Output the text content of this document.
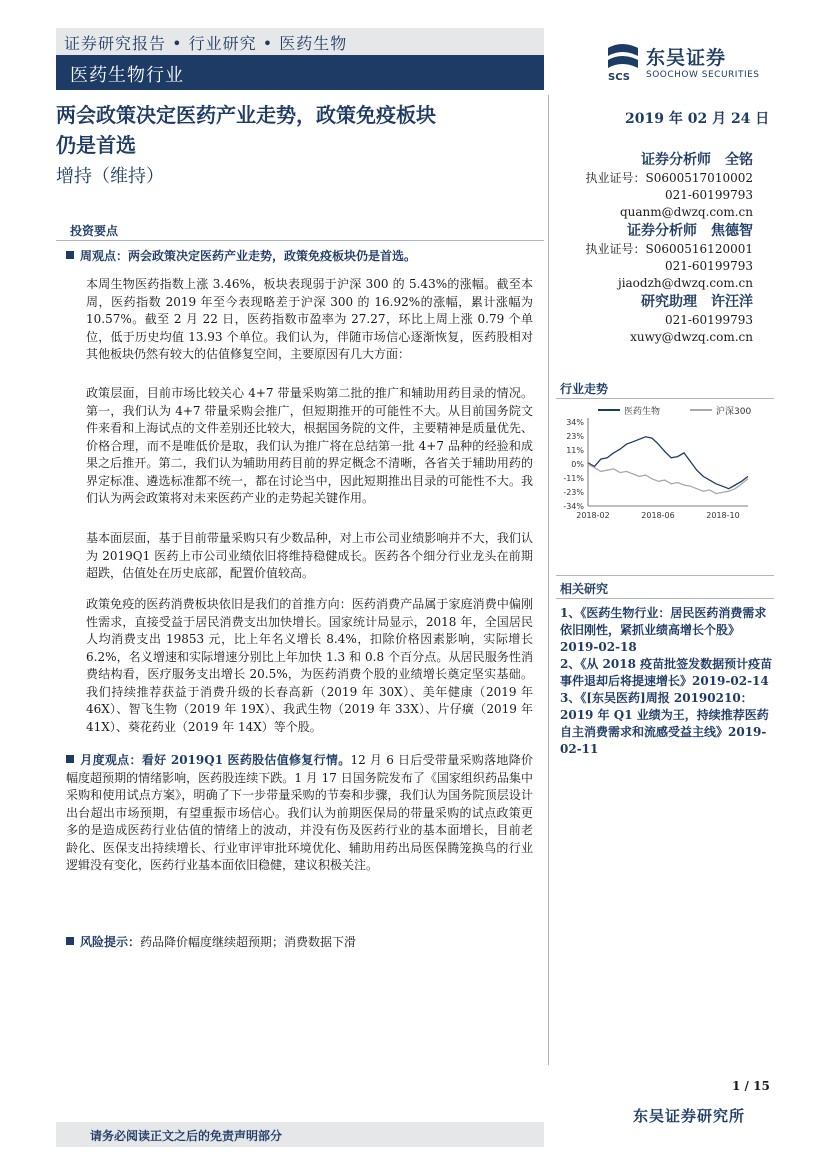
证券研究报告 • 行业研究 • 医药生物
医药生物行业	SCS
东吴证券
SOOCHOW SECURITIES
两会政策决定医药产业走势，政策免疫板块
仍是首选
增持（维持）
2019 年 02 月 24 日
证券分析师　全铭
执业证号：S0600517010002
021-60199793
quanm@dwzq.com.cn
证券分析师　焦德智
执业证号：S0600516120001
021-60199793
jiaodzh@dwzq.com.cn
研究助理　许汪洋
021-60199793
xuwy@dwzq.com.cn
投资要点
周观点：两会政策决定医药产业走势，政策免疫板块仍是首选。

本周生物医药指数上涨 3.46%，板块表现弱于沪深 300 的 5.43%的涨幅。截至本周，医药指数 2019 年至今表现略差于沪深 300 的 16.92%的涨幅，累计涨幅为 10.57%。截至 2 月 22 日，医药指数市盈率为 27.27，环比上周上涨 0.79 个单位，低于历史均值 13.93 个单位。我们认为，伴随市场信心逐渐恢复，医药股相对其他板块仍然有较大的估值修复空间，主要原因有几大方面：

政策层面，目前市场比较关心 4+7 带量采购第二批的推广和辅助用药目录的情况。第一，我们认为 4+7 带量采购会推广，但短期推开的可能性不大。从目前国务院文件来看和上海试点的文件差别还比较大，根据国务院的文件，主要精神是质量优先、价格合理，而不是唯低价是取，我们认为推广将在总结第一批 4+7 品种的经验和成果之后推开。第二，我们认为辅助用药目前的界定概念不清晰，各省关于辅助用药的界定标准、遴选标准都不统一，都在讨论当中，因此短期推出目录的可能性不大。我们认为两会政策将对未来医药产业的走势起关键作用。

基本面层面，基于目前带量采购只有少数品种，对上市公司业绩影响并不大，我们认为 2019Q1 医药上市公司业绩依旧将维持稳健成长。医药各个细分行业龙头在前期超跌，估值处在历史底部，配置价值较高。

政策免疫的医药消费板块依旧是我们的首推方向：医药消费产品属于家庭消费中偏刚性需求，直接受益于居民消费支出加快增长。国家统计局显示，2018 年，全国居民人均消费支出 19853 元，比上年名义增长 8.4%，扣除价格因素影响，实际增长 6.2%，名义增速和实际增速分别比上年加快 1.3 和 0.8 个百分点。从居民服务性消费结构看，医疗服务支出增长 20.5%，为医药消费个股的业绩增长奠定坚实基础。我们持续推荐获益于消费升级的长春高新（2019 年 30X）、美年健康（2019 年 46X）、智飞生物（2019 年 19X）、我武生物（2019 年 33X）、片仔癀（2019 年 41X）、葵花药业（2019 年 14X）等个股。

月度观点：看好 2019Q1 医药股估值修复行情。12 月 6 日后受带量采购落地降价幅度超预期的情绪影响，医药股连续下跌。1 月 17 日国务院发布了《国家组织药品集中采购和使用试点方案》，明确了下一步带量采购的节奏和步骤，我们认为国务院顶层设计出台超出市场预期，有望重振市场信心。我们认为前期医保局的带量采购的试点政策更多的是造成医药行业估值的情绪上的波动，并没有伤及医药行业的基本面增长，目前老龄化、医保支出持续增长、行业审评审批环境优化、辅助用药出局医保腾笼换鸟的行业逻辑没有变化，医药行业基本面依旧稳健，建议积极关注。
风险提示：药品降价幅度继续超预期；消费数据下滑
行业走势
医药生物	沪深300
34%
23%
11%
0%
-11%
-23%
-34%
2018-02	2018-06	2018-10
相关研究
1、《医药生物行业：居民医药消费需求依旧刚性，紧抓业绩高增长个股》2019-02-18
2、《从 2018 疫苗批签发数据预计疫苗事件退却后将提速增长》2019-02-14
3、《[东吴医药]周报 20190210：2019 年 Q1 业绩为王，持续推荐医药自主消费需求和流感受益主线》2019-02-11
1 / 15
东吴证券研究所
请务必阅读正文之后的免责声明部分
